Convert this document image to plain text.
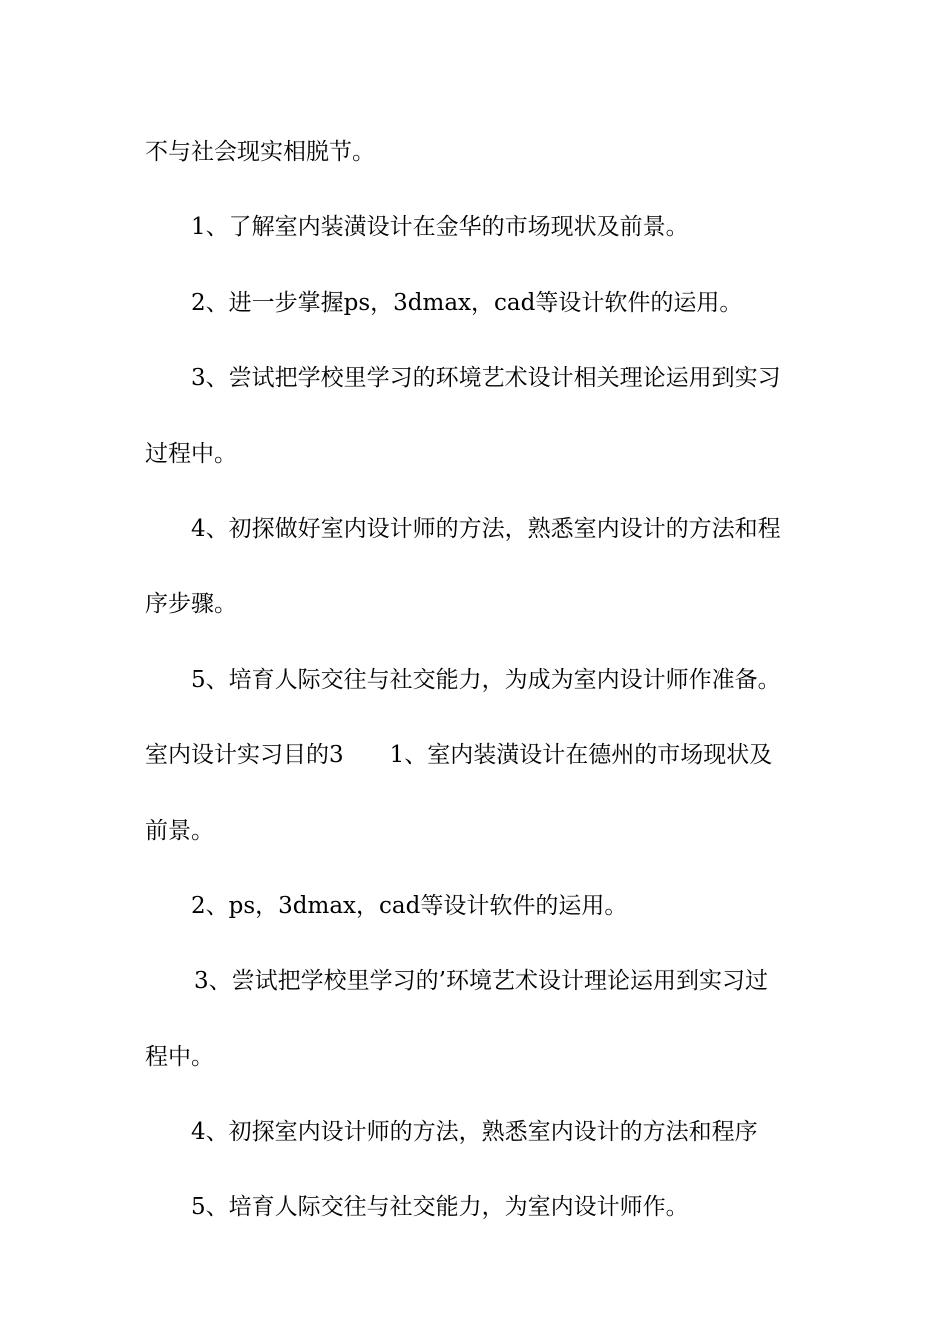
不与社会现实相脱节。
1、了解室内装潢设计在金华的市场现状及前景。
2、进一步掌握ps，3dmax，cad等设计软件的运用。
3、尝试把学校里学习的环境艺术设计相关理论运用到实习
过程中。
4、初探做好室内设计师的方法，熟悉室内设计的方法和程
序步骤。
5、培育人际交往与社交能力，为成为室内设计师作准备。
室内设计实习目的3 1、室内装潢设计在德州的市场现状及
前景。
2、ps，3dmax，cad等设计软件的运用。
3、尝试把学校里学习的’环境艺术设计理论运用到实习过
程中。
4、初探室内设计师的方法，熟悉室内设计的方法和程序
5、培育人际交往与社交能力，为室内设计师作。
